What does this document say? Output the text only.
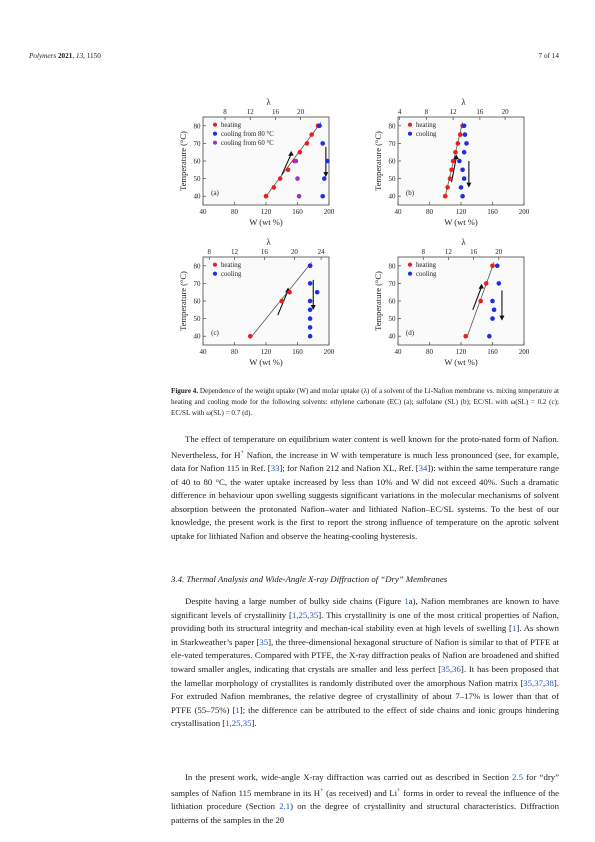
Polymers 2021, 13, 1150	7 of 14
40
50
60
70
80
40	80	120	160	200
8	12	16	20
λ
W (wt %)
Temperature (°C)
(a)
heating
cooling from 80 °C
cooling from 60 °C
40
50
60
70
80
40	80	120	160	200
4	8	12	16	20
λ
W (wt %)
Temperature (°C)
(b)
heating
cooling
40
50
60
70
80
40	80	120	160	200
8	12	16	20	24
λ
W (wt %)
Temperature (°C)
(c)
heating
cooling
40
50
60
70
80
40	80	120	160	200
8	12	16	20
λ
W (wt %)
Temperature (°C)
(d)
heating
cooling
Figure 4. Dependence of the weight uptake (W) and molar uptake (λ) of a solvent of the Li-Nafion membrane vs. mixing temperature at heating and cooling mode for the following solvents: ethylene carbonate (EC) (a); sulfolane (SL) (b); EC/SL with ω(SL) = 0.2 (c); EC/SL with ω(SL) = 0.7 (d).

The effect of temperature on equilibrium water content is well known for the proto-nated form of Nafion. Nevertheless, for H+ Nafion, the increase in W with temperature is much less pronounced (see, for example, data for Nafion 115 in Ref. [33]; for Nafion 212 and Nafion XL, Ref. [34]): within the same temperature range of 40 to 80 °C, the water uptake increased by less than 10% and W did not exceed 40%. Such a dramatic difference in behaviour upon swelling suggests significant variations in the molecular mechanisms of solvent absorption between the protonated Nafion–water and lithiated Nafion–EC/SL systems. To the best of our knowledge, the present work is the first to report the strong influence of temperature on the aprotic solvent uptake for lithiated Nafion and observe the heating-cooling hysteresis.

3.4. Thermal Analysis and Wide-Angle X-ray Diffraction of “Dry” Membranes

Despite having a large number of bulky side chains (Figure 1a), Nafion membranes are known to have significant levels of crystallinity [1,25,35]. This crystallinity is one of the most critical properties of Nafion, providing both its structural integrity and mechan-ical stability even at high levels of swelling [1]. As shown in Starkweather’s paper [35], the three-dimensional hexagonal structure of Nafion is similar to that of PTFE at ele-vated temperatures. Compared with PTFE, the X-ray diffraction peaks of Nafion are broadened and shifted toward smaller angles, indicating that crystals are smaller and less perfect [35,36]. It has been proposed that the lamellar morphology of crystallites is randomly distributed over the amorphous Nafion matrix [35,37,38]. For extruded Nafion membranes, the relative degree of crystallinity of about 7–17% is lower than that of PTFE (55–75%) [1]; the difference can be attributed to the effect of side chains and ionic groups hindering crystallisation [1,25,35].

In the present work, wide-angle X-ray diffraction was carried out as described in Section 2.5 for “dry” samples of Nafion 115 membrane in its H+ (as received) and Li+ forms in order to reveal the influence of the lithiation procedure (Section 2.1) on the degree of crystallinity and structural characteristics. Diffraction patterns of the samples in the 2θ
